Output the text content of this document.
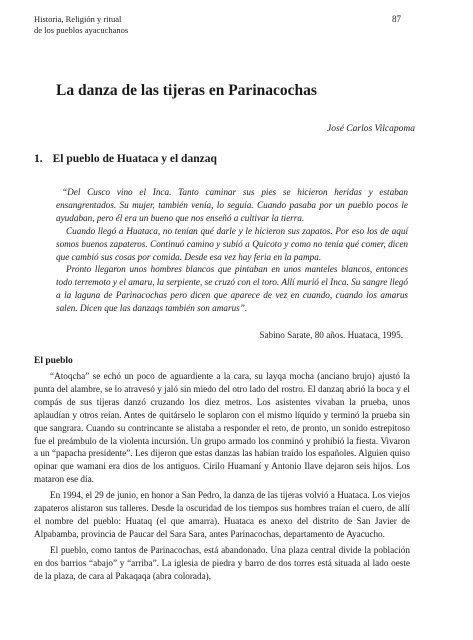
Historia, Religión y ritual
de los pueblos ayacuchanos
87
La danza de las tijeras en Parinacochas
José Carlos Vilcapoma
1. El pueblo de Huataca y el danzaq

“Del Cusco vino el Inca. Tanto caminar sus pies se hicieron heridas y estaban ensangrentados. Su mujer, también venía, lo seguía. Cuando pasaba por un pueblo pocos le ayudaban, pero él era un bueno que nos enseñó a cultivar la tierra.

Cuando llegó a Huataca, no tenían qué darle y le hicieron sus zapatos. Por eso los de aquí somos buenos zapateros. Continuó camino y subió a Quicoto y como no tenía qué comer, dicen que cambió sus cosas por comida. Desde esa vez hay feria en la pampa.

Pronto llegaron unos hombres blancos que pintaban en unos manteles blancos, entonces todo terremoto y el amaru, la serpiente, se cruzó con el toro. Allí murió el Inca. Su sangre llegó a la laguna de Parinacochas pero dicen que aparece de vez en cuando, cuando los amarus salen. Dicen que las danzaqs también son amarus”.

Sabino Sarate, 80 años. Huataca, 1995.
El pueblo

“Atoqcha” se echó un poco de aguardiente a la cara, su layqa mocha (anciano brujo) ajustó la punta del alambre, se lo atravesó y jaló sin miedo del otro lado del rostro. El danzaq abrió la boca y el compás de sus tijeras danzó cruzando los diez metros. Los asistentes vivaban la prueba, unos aplaudían y otros reían. Antes de quitárselo le soplaron con el mismo líquido y terminó la prueba sin que sangrara. Cuando su contrincante se alistaba a responder el reto, de pronto, un sonido estrepitoso fue el preámbulo de la violenta incursión. Un grupo armado los conminó y prohibió la fiesta. Vivaron a un “papacha presidente”. Les dijeron que estas danzas las habían traído los españoles. Alguien quiso opinar que wamani era dios de los antiguos. Cirilo Huamaní y Antonio Ilave dejaron seis hijos. Los mataron ese día.

En 1994, el 29 de junio, en honor a San Pedro, la danza de las tijeras volvió a Huataca. Los viejos zapateros alistaron sus talleres. Desde la oscuridad de los tiempos sus hombres traían el cuero, de allí el nombre del pueblo: Huataq (el que amarra). Huataca es anexo del distrito de San Javier de Alpabamba, provincia de Paucar del Sara Sara, antes Parinacochas, departamento de Ayacucho.

El pueblo, como tantos de Parinacochas, está abandonado. Una plaza central divide la población en dos barrios “abajo” y “arriba”. La iglesia de piedra y barro de dos torres está situada al lado oeste de la plaza, de cara al Pakaqaqa (abra colorada),
